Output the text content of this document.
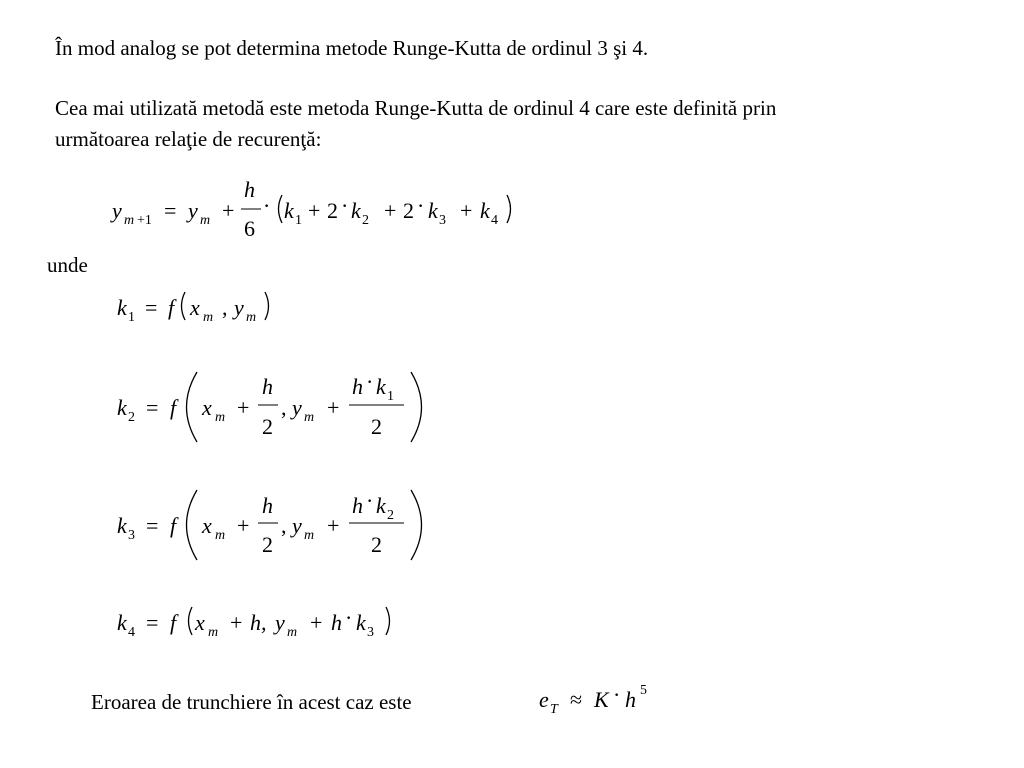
În mod analog se pot determina metode Runge-Kutta de ordinul 3 şi 4.
Cea mai utilizată metodă este metoda Runge-Kutta de ordinul 4 care este definită prin
următoarea relaţie de recurenţă:
unde
Eroarea de trunchiere în acest caz este
y m +1 = y m +
h
6
· k 1 + 2 · k 2 + 2 · k 3 + k 4
k 1 = f x m , y m
k 2 = f x m +
h
2
, y m +
h · k 1
2
k 3 = f x m +
h
2
, y m +
h · k 2
2
k 4 = f x m + h, y m + h · k 3
e T ≈ K · h 5
